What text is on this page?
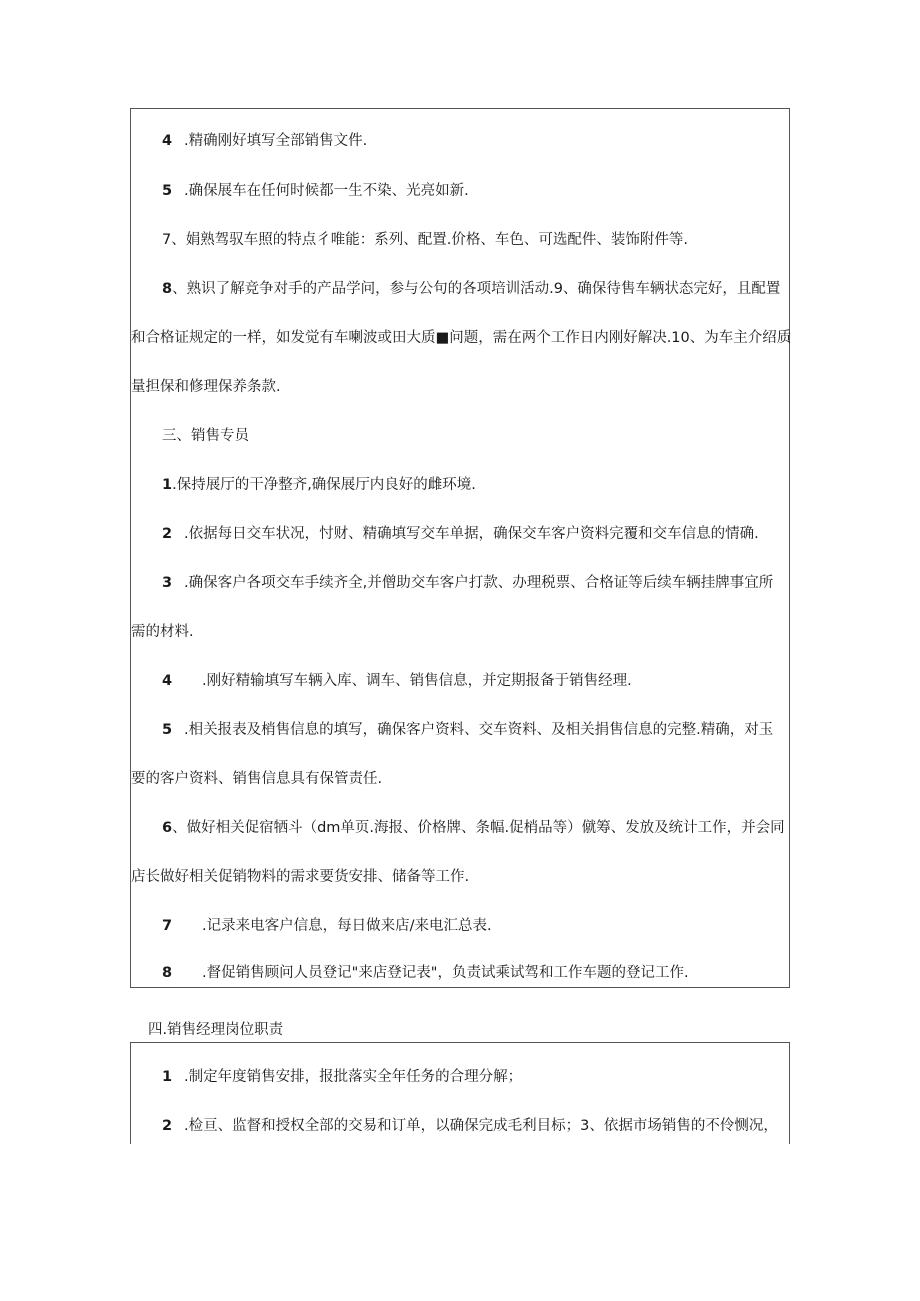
4 .精确刚好填写全部销售文件.
5 .确保展车在任何时候都一生不染、光亮如新.
7、娟熟驾驭车照的特点彳唯能：系列、配置.价格、车色、可选配件、装饰附件等.
8、熟识了解竞争对手的产品学问，参与公句的各项培训活动.9、确保待售车辆状态完好，且配置
和合格证规定的一样，如发觉有车喇波或田大质■问题，需在两个工作日内刚好解决.10、为车主介绍质
量担保和修理保养条款.
三、销售专员
1.保持展厅的干净整齐,确保展厅内良好的雌环境.
2 .依据每日交车状况，忖财、精确填写交车单据，确保交车客户资料完覆和交车信息的情确.
3 .确保客户各项交车手续齐全,并僧助交车客户打款、办理税票、合格证等后续车辆挂牌事宜所
需的材料.
4 .刚好精输填写车辆入库、调车、销售信息，并定期报备于销售经理.
5 .相关报表及梢售信息的填写，确保客户资料、交车资料、及相关捐售信息的完整.精确，对玉
要的客户资料、销售信息具有保管责任.
6、做好相关促宿牺斗（dm单页.海报、价格牌、条幅.促梢品等）僦筹、发放及统计工作，并会同
店长做好相关促销物料的需求要货安排、储备等工作.
7 .记录来电客户信息，每日做来店/来电汇总表.
8 .督促销售顾问人员登记"来店登记表"，负责试乘试驾和工作车题的登记工作.
四.销售经理岗位职责
1 .制定年度销售安排，报批落实全年任务的合理分解；
2 .检亘、监督和授权全部的交易和订单，以确保完成毛利目标；3、依据市场销售的不伶恻况，
